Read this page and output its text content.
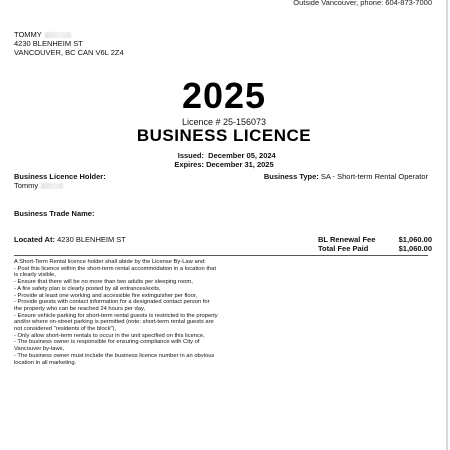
Outside Vancouver, phone: 604-873-7000
TOMMY
4230 BLENHEIM ST
VANCOUVER, BC CAN V6L 2Z4
2025
Licence # 25-156073
BUSINESS LICENCE
Issued: December 05, 2024
Expires: December 31, 2025
Business Licence Holder:
Tommy
Business Type: SA - Short-term Rental Operator
Business Trade Name:
Located At: 4230 BLENHEIM ST	BL Renewal Fee	$1,060.00
Total Fee Paid	$1,060.00
A Short-Term Rental licence holder shall abide by the License By-Law and:
- Post this licence within the short-term rental accommodation in a location that
is clearly visible,
- Ensure that there will be no more than two adults per sleeping room,
- A fire safety plan is clearly posted by all entrances/exits,
- Provide at least one working and accessible fire extinguisher per floor,
- Provide guests with contact information for a designated contact person for
the property who can be reached 24 hours per day,
- Ensure vehicle parking for short-term rental guests is restricted to the property
and/or where on-street parking is permitted (note: short-term rental guests are
not considered "residents of the block"),
- Only allow short-term rentals to occur in the unit specified on this licence,
- The business owner is responsible for ensuring compliance with City of
Vancouver by-laws,
- The business owner must include the business licence number in an obvious
location in all marketing.
